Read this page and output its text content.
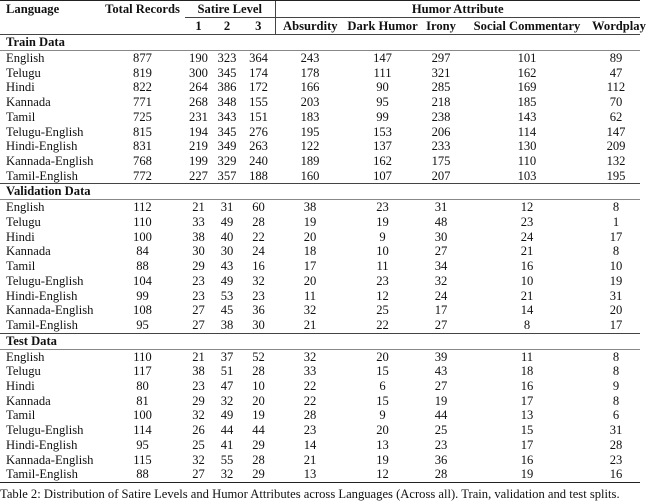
Language	Total Records	Satire Level			Humor Attribute				
		1	2	3	Absurdity	Dark Humor	Irony	Social Commentary	Wordplay
Train Data									
English	877	190	323	364	243	147	297	101	89
Telugu	819	300	345	174	178	111	321	162	47
Hindi	822	264	386	172	166	90	285	169	112
Kannada	771	268	348	155	203	95	218	185	70
Tamil	725	231	343	151	183	99	238	143	62
Telugu-English	815	194	345	276	195	153	206	114	147
Hindi-English	831	219	349	263	122	137	233	130	209
Kannada-English	768	199	329	240	189	162	175	110	132
Tamil-English	772	227	357	188	160	107	207	103	195
Validation Data									
English	112	21	31	60	38	23	31	12	8
Telugu	110	33	49	28	19	19	48	23	1
Hindi	100	38	40	22	20	9	30	24	17
Kannada	84	30	30	24	18	10	27	21	8
Tamil	88	29	43	16	17	11	34	16	10
Telugu-English	104	23	49	32	20	23	32	10	19
Hindi-English	99	23	53	23	11	12	24	21	31
Kannada-English	108	27	45	36	32	25	17	14	20
Tamil-English	95	27	38	30	21	22	27	8	17
Test Data									
English	110	21	37	52	32	20	39	11	8
Telugu	117	38	51	28	33	15	43	18	8
Hindi	80	23	47	10	22	6	27	16	9
Kannada	81	29	32	20	22	15	19	17	8
Tamil	100	32	49	19	28	9	44	13	6
Telugu-English	114	26	44	44	23	20	25	15	31
Hindi-English	95	25	41	29	14	13	23	17	28
Kannada-English	115	32	55	28	21	19	36	16	23
Tamil-English	88	27	32	29	13	12	28	19	16
Table 2: Distribution of Satire Levels and Humor Attributes across Languages (Across all). Train, validation and test splits.
